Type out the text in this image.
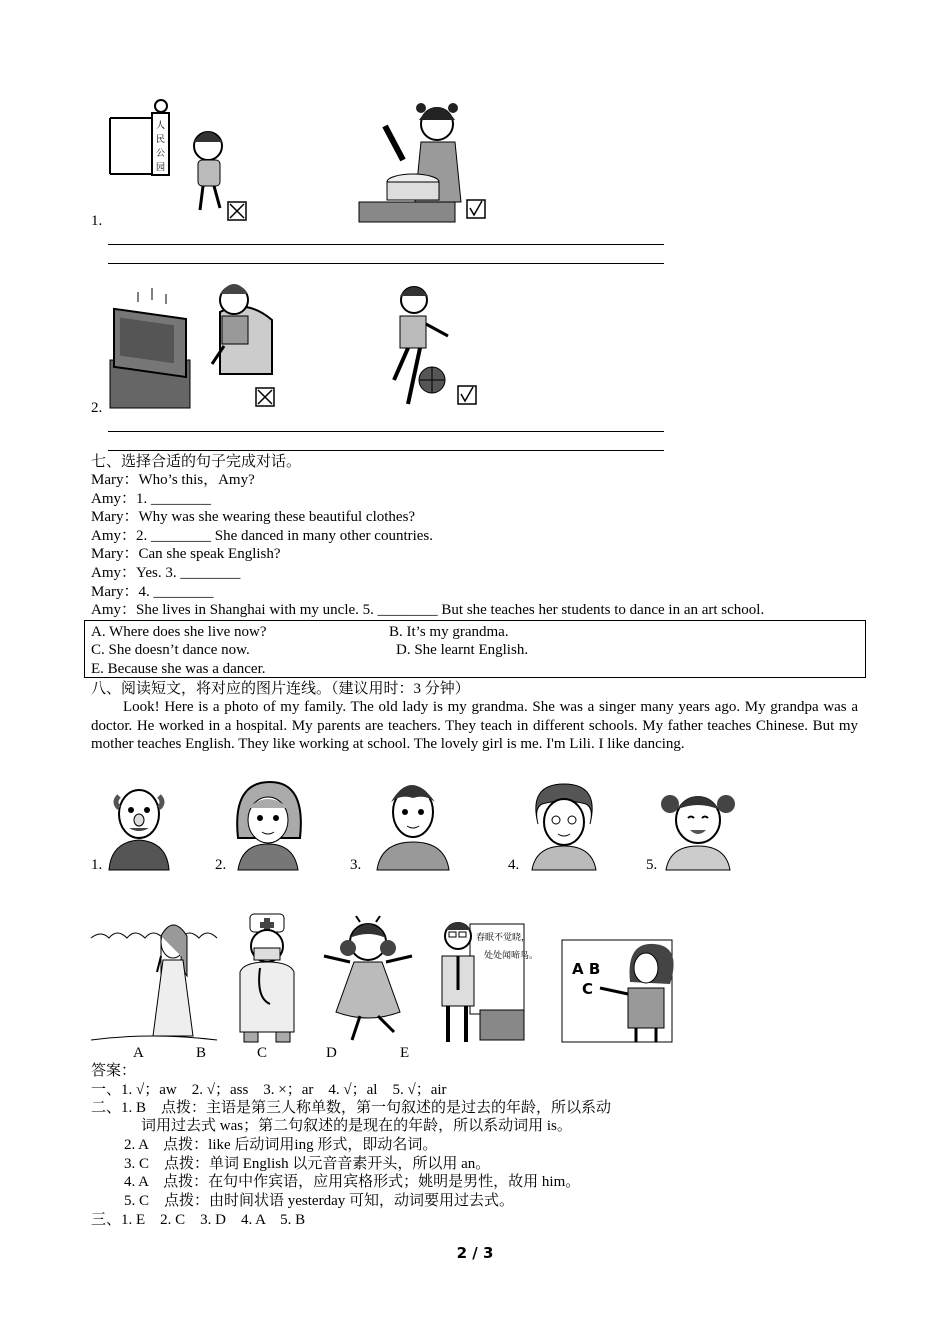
人
民
公
园
1.
2.
七、选择合适的句子完成对话。
Mary：Who’s this，Amy?
Amy：1. ________
Mary：Why was she wearing these beautiful clothes?
Amy：2. ________ She danced in many other countries.
Mary：Can she speak English?
Amy：Yes. 3. ________
Mary：4. ________
Amy：She lives in Shanghai with my uncle. 5. ________ But she teaches her students to dance in an art school.
A. Where does she live now?	B. It’s my grandma.
C. She doesn’t dance now.	D. She learnt English.
E. Because she was a dancer.
八、阅读短文，将对应的图片连线。（建议用时：3 分钟）

Look! Here is a photo of my family. The old lady is my grandma. She was a singer many years ago. My grandpa was a doctor. He worked in a hospital. My parents are teachers. They teach in different schools. My father teaches Chinese. But my mother teaches English. They like working at school. The lovely girl is me. I'm Lili. I like dancing.

1.	2.	3.	4.	5.
春眠不觉晓，
处处闻啼鸟。
A B
C
A	B	C	D	E
答案：
一、1. √；aw　2. √；ass　3. ×；ar　4. √；al　5. √；air
二、1. B　点拨：主语是第三人称单数，第一句叙述的是过去的年龄，所以系动
词用过去式 was；第二句叙述的是现在的年龄，所以系动词用 is。
2. A　点拨：like 后动词用ing 形式，即动名词。
3. C　点拨：单词 English 以元音音素开头，所以用 an。
4. A　点拨：在句中作宾语，应用宾格形式；姚明是男性，故用 him。
5. C　点拨：由时间状语 yesterday 可知，动词要用过去式。
三、1. E　2. C　3. D　4. A　5. B
2 / 3
